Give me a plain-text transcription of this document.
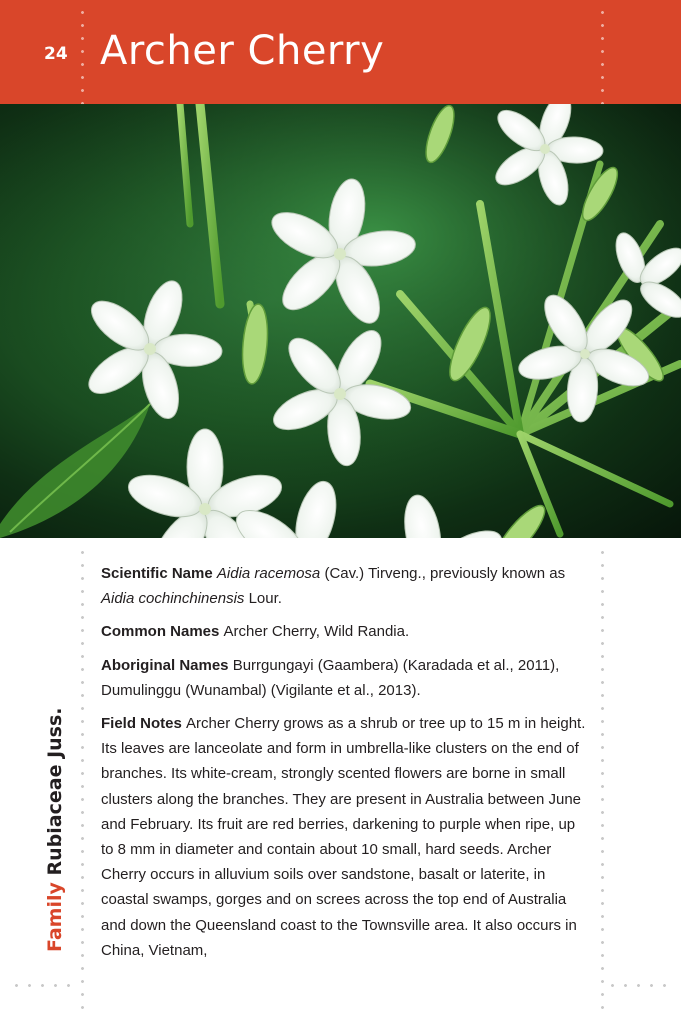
24 Archer Cherry
Family Rubiaceae Juss.

Scientific Name Aidia racemosa (Cav.) Tirveng., previously known as Aidia cochinchinensis Lour.

Common Names Archer Cherry, Wild Randia.

Aboriginal Names Burrgungayi (Gaambera) (Karadada et al., 2011), Dumulinggu (Wunambal) (Vigilante et al., 2013).

Field Notes Archer Cherry grows as a shrub or tree up to 15 m in height. Its leaves are lanceolate and form in umbrella-like clusters on the end of branches. Its white-cream, strongly scented flowers are borne in small clusters along the branches. They are present in Australia between June and February. Its fruit are red berries, darkening to purple when ripe, up to 8 mm in diameter and contain about 10 small, hard seeds. Archer Cherry occurs in alluvium soils over sandstone, basalt or laterite, in coastal swamps, gorges and on screes across the top end of Australia and down the Queensland coast to the Townsville area. It also occurs in China, Vietnam,
